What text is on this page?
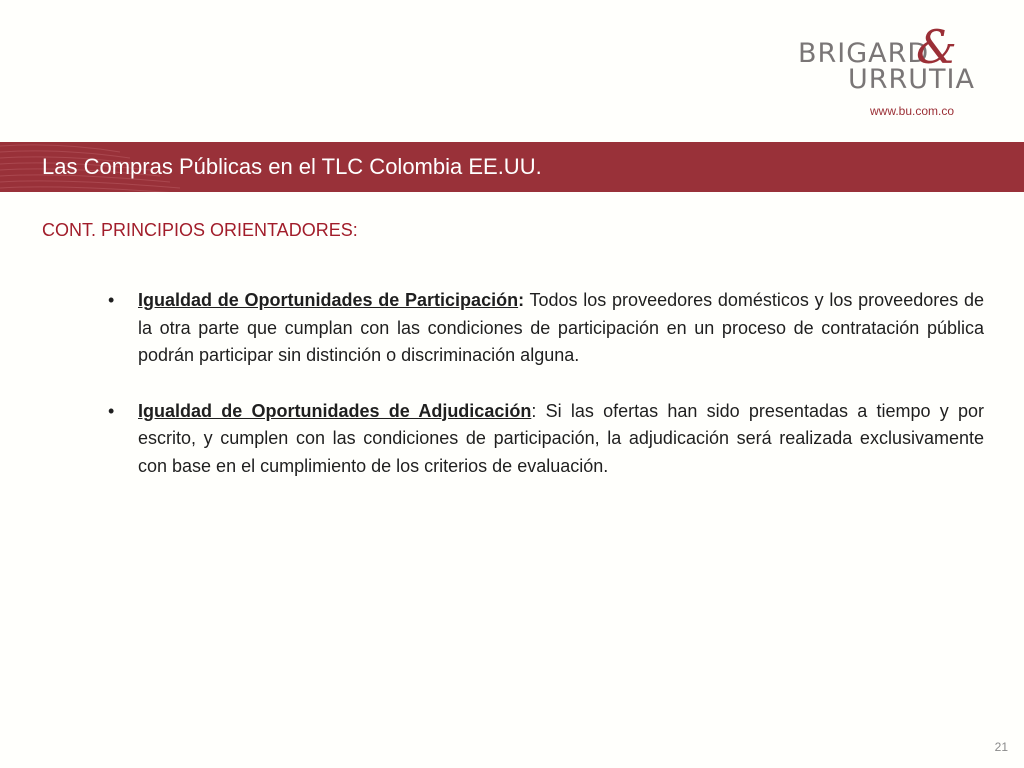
BRIGARD
&
URRUTIA
www.bu.com.co
Las Compras Públicas en el TLC Colombia EE.UU.
CONT. PRINCIPIOS ORIENTADORES:
• Igualdad de Oportunidades de Participación: Todos los proveedores domésticos y los proveedores de la otra parte que cumplan con las condiciones de participación en un proceso de contratación pública podrán participar sin distinción o discriminación alguna.
• Igualdad de Oportunidades de Adjudicación: Si las ofertas han sido presentadas a tiempo y por escrito, y cumplen con las condiciones de participación, la adjudicación será realizada exclusivamente con base en el cumplimiento de los criterios de evaluación.
21
